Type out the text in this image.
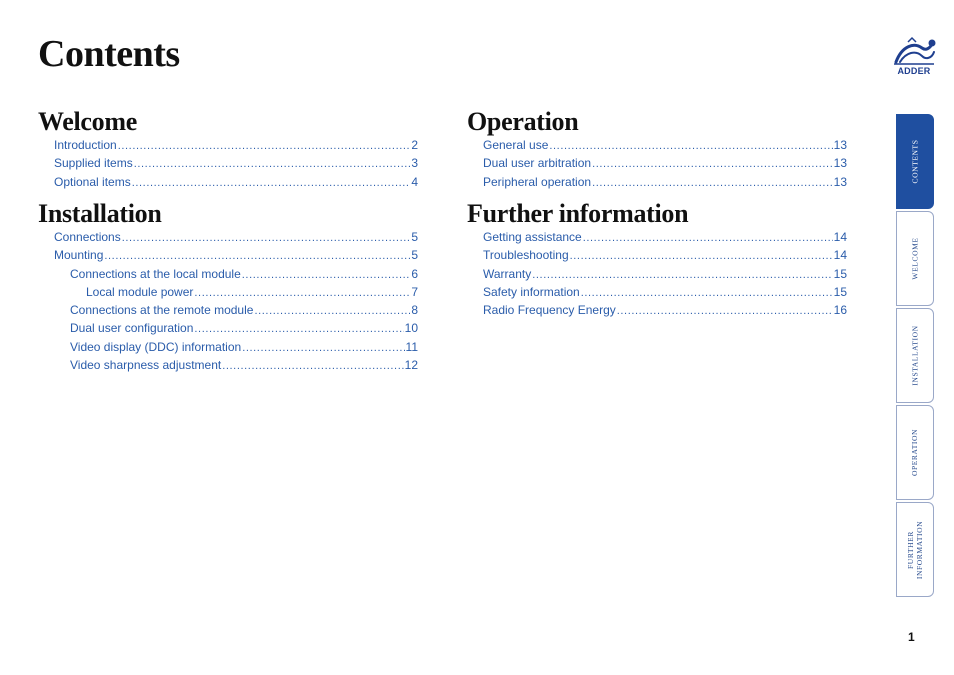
Contents	ADDER
Welcome
Introduction .....	2
Supplied items .....	3
Optional items .....	4
Installation
Connections .....	5
Mounting .....	5
Connections at the local module .....	6
Local module power .....	7
Connections at the remote module .....	8
Dual user configuration .....	10
Video display (DDC) information .....	11
Video sharpness adjustment .....	12
Operation
General use .....	13
Dual user arbitration .....	13
Peripheral operation .....	13
Further information
Getting assistance .....	14
Troubleshooting .....	14
Warranty .....	15
Safety information .....	15
Radio Frequency Energy .....	16
CONTENTS
WELCOME
INSTALLATION
OPERATION
FURTHER INFORMATION
1
